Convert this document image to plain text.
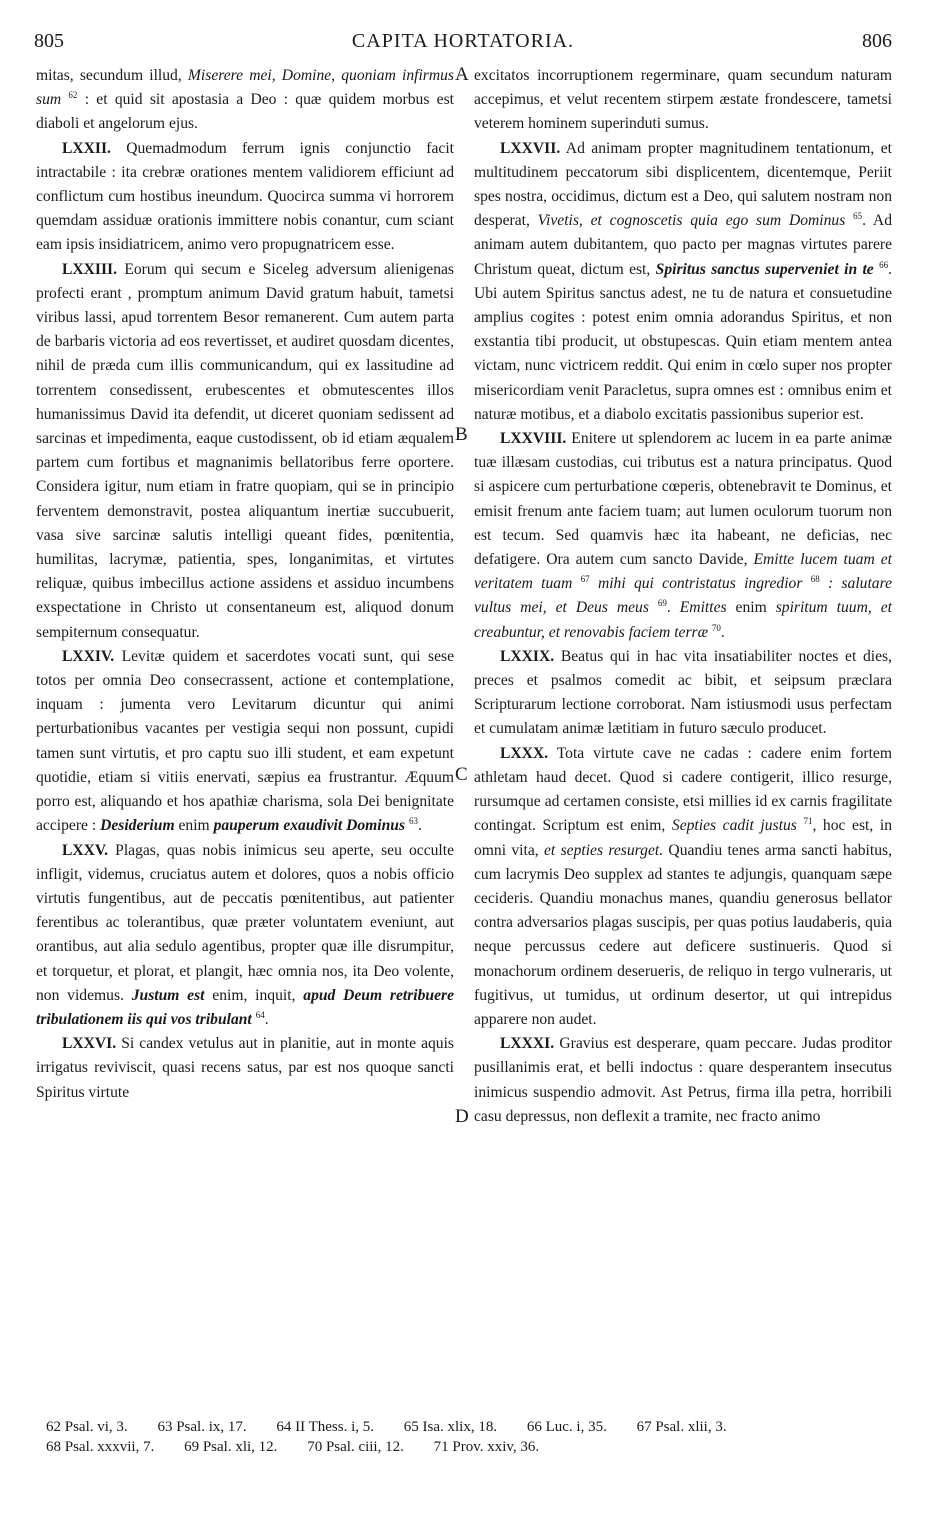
805	CAPITA HORTATORIA.	806
A
B
C
D

mitas, secundum illud, Miserere mei, Domine, quoniam infirmus sum $^{62}$ : et quid sit apostasia a Deo : quæ quidem morbus est diaboli et angelorum ejus.

LXXII. Quemadmodum ferrum ignis conjunctio facit intractabile : ita crebræ orationes mentem validiorem efficiunt ad conflictum cum hostibus ineundum. Quocirca summa vi horrorem quemdam assiduæ orationis immittere nobis conantur, cum sciant eam ipsis insidiatricem, animo vero propugnatricem esse.

LXXIII. Eorum qui secum e Siceleg adversum alienigenas profecti erant , promptum animum David gratum habuit, tametsi viribus lassi, apud torrentem Besor remanerent. Cum autem parta de barbaris victoria ad eos revertisset, et audiret quosdam dicentes, nihil de præda cum illis communicandum, qui ex lassitudine ad torrentem consedissent, erubescentes et obmutescentes illos humanissimus David ita defendit, ut diceret quoniam sedissent ad sarcinas et impedimenta, eaque custodissent, ob id etiam æqualem partem cum fortibus et magnanimis bellatoribus ferre oportere. Considera igitur, num etiam in fratre quopiam, qui se in principio ferventem demonstravit, postea aliquantum inertiæ succubuerit, vasa sive sarcinæ salutis intelligi queant fides, pœnitentia, humilitas, lacrymæ, patientia, spes, longanimitas, et virtutes reliquæ, quibus imbecillus actione assidens et assiduo incumbens exspectatione in Christo ut consentaneum est, aliquod donum sempiternum consequatur.

LXXIV. Levitæ quidem et sacerdotes vocati sunt, qui sese totos per omnia Deo consecrassent, actione et contemplatione, inquam : jumenta vero Levitarum dicuntur qui animi perturbationibus vacantes per vestigia sequi non possunt, cupidi tamen sunt virtutis, et pro captu suo illi student, et eam expetunt quotidie, etiam si vitiis enervati, sæpius ea frustrantur. Æquum porro est, aliquando et hos apathiæ charisma, sola Dei benignitate accipere : Desiderium enim pauperum exaudivit Dominus $^{63}$.

LXXV. Plagas, quas nobis inimicus seu aperte, seu occulte infligit, videmus, cruciatus autem et dolores, quos a nobis officio virtutis fungentibus, aut de peccatis pœnitentibus, aut patienter ferentibus ac tolerantibus, quæ præter voluntatem eveniunt, aut orantibus, aut alia sedulo agentibus, propter quæ ille disrumpitur, et torquetur, et plorat, et plangit, hæc omnia nos, ita Deo volente, non videmus. Justum est enim, inquit, apud Deum retribuere tribulationem iis qui vos tribulant $^{64}$.

LXXVI. Si candex vetulus aut in planitie, aut in monte aquis irrigatus reviviscit, quasi recens satus, par est nos quoque sancti Spiritus virtute

excitatos incorruptionem regerminare, quam secundum naturam accepimus, et velut recentem stirpem æstate frondescere, tametsi veterem hominem superinduti sumus.

LXXVII. Ad animam propter magnitudinem tentationum, et multitudinem peccatorum sibi displicentem, dicentemque, Periit spes nostra, occidimus, dictum est a Deo, qui salutem nostram non desperat, Vivetis, et cognoscetis quia ego sum Dominus $^{65}$. Ad animam autem dubitantem, quo pacto per magnas virtutes parere Christum queat, dictum est, Spiritus sanctus superveniet in te $^{66}$. Ubi autem Spiritus sanctus adest, ne tu de natura et consuetudine amplius cogites : potest enim omnia adorandus Spiritus, et non exstantia tibi producit, ut obstupescas. Quin etiam mentem antea victam, nunc victricem reddit. Qui enim in cœlo super nos propter misericordiam venit Paracletus, supra omnes est : omnibus enim et naturæ motibus, et a diabolo excitatis passionibus superior est.

LXXVIII. Enitere ut splendorem ac lucem in ea parte animæ tuæ illæsam custodias, cui tributus est a natura principatus. Quod si aspicere cum perturbatione cœperis, obtenebravit te Dominus, et emisit frenum ante faciem tuam; aut lumen oculorum tuorum non est tecum. Sed quamvis hæc ita habeant, ne deficias, nec defatigere. Ora autem cum sancto Davide, Emitte lucem tuam et veritatem tuam $^{67}$ mihi qui contristatus ingredior $^{68}$ : salutare vultus mei, et Deus meus $^{69}$. Emittes enim spiritum tuum, et creabuntur, et renovabis faciem terræ $^{70}$.

LXXIX. Beatus qui in hac vita insatiabiliter noctes et dies, preces et psalmos comedit ac bibit, et seipsum præclara Scripturarum lectione corroborat. Nam istiusmodi usus perfectam et cumulatam animæ lætitiam in futuro sæculo producet.

LXXX. Tota virtute cave ne cadas : cadere enim fortem athletam haud decet. Quod si cadere contigerit, illico resurge, rursumque ad certamen consiste, etsi millies id ex carnis fragilitate contingat. Scriptum est enim, Septies cadit justus $^{71}$, hoc est, in omni vita, et septies resurget. Quandiu tenes arma sancti habitus, cum lacrymis Deo supplex ad stantes te adjungis, quanquam sæpe cecideris. Quandiu monachus manes, quandiu generosus bellator contra adversarios plagas suscipis, per quas potius laudaberis, quia neque percussus cedere aut deficere sustinueris. Quod si monachorum ordinem deserueris, de reliquo in tergo vulneraris, ut fugitivus, ut tumidus, ut ordinum desertor, ut qui intrepidus apparere non audet.

LXXXI. Gravius est desperare, quam peccare. Judas proditor pusillanimis erat, et belli indoctus : quare desperantem insecutus inimicus suspendio admovit. Ast Petrus, firma illa petra, horribili casu depressus, non deflexit a tramite, nec fracto animo

62 Psal. vi, 3. 63 Psal. ix, 17. 64 II Thess. i, 5. 65 Isa. xlix, 18. 66 Luc. i, 35. 67 Psal. xlii, 3.
68 Psal. xxxvii, 7. 69 Psal. xli, 12. 70 Psal. ciii, 12. 71 Prov. xxiv, 36.
